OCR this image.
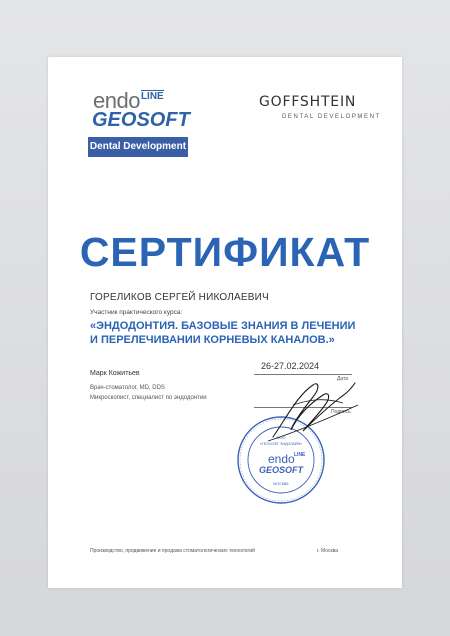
endo$^{LINE}$
GEOSOFT
Dental Development
GOFFSHTEIN
DENTAL DEVELOPMENT
СЕРТИФИКАТ
ГОРЕЛИКОВ СЕРГЕЙ НИКОЛАЕВИЧ
Участник практического курса:
«ЭНДОДОНТИЯ. БАЗОВЫЕ ЗНАНИЯ В ЛЕЧЕНИИ
И ПЕРЕЛЕЧИВАНИИ КОРНЕВЫХ КАНАЛОВ.»
26-27.02.2024
Дата
Марк Кожитьев
Врач-стоматолог, MD, DDS
Микроскопист, специалист по эндодонтии
Подпись
ООО
«ГЕОСОФТ ЭНДОЛАЙН»
endo LINE
GEOSOFT
МОСКВА
Производство, продвижение и продажа стоматологических технологий	г. Москва
